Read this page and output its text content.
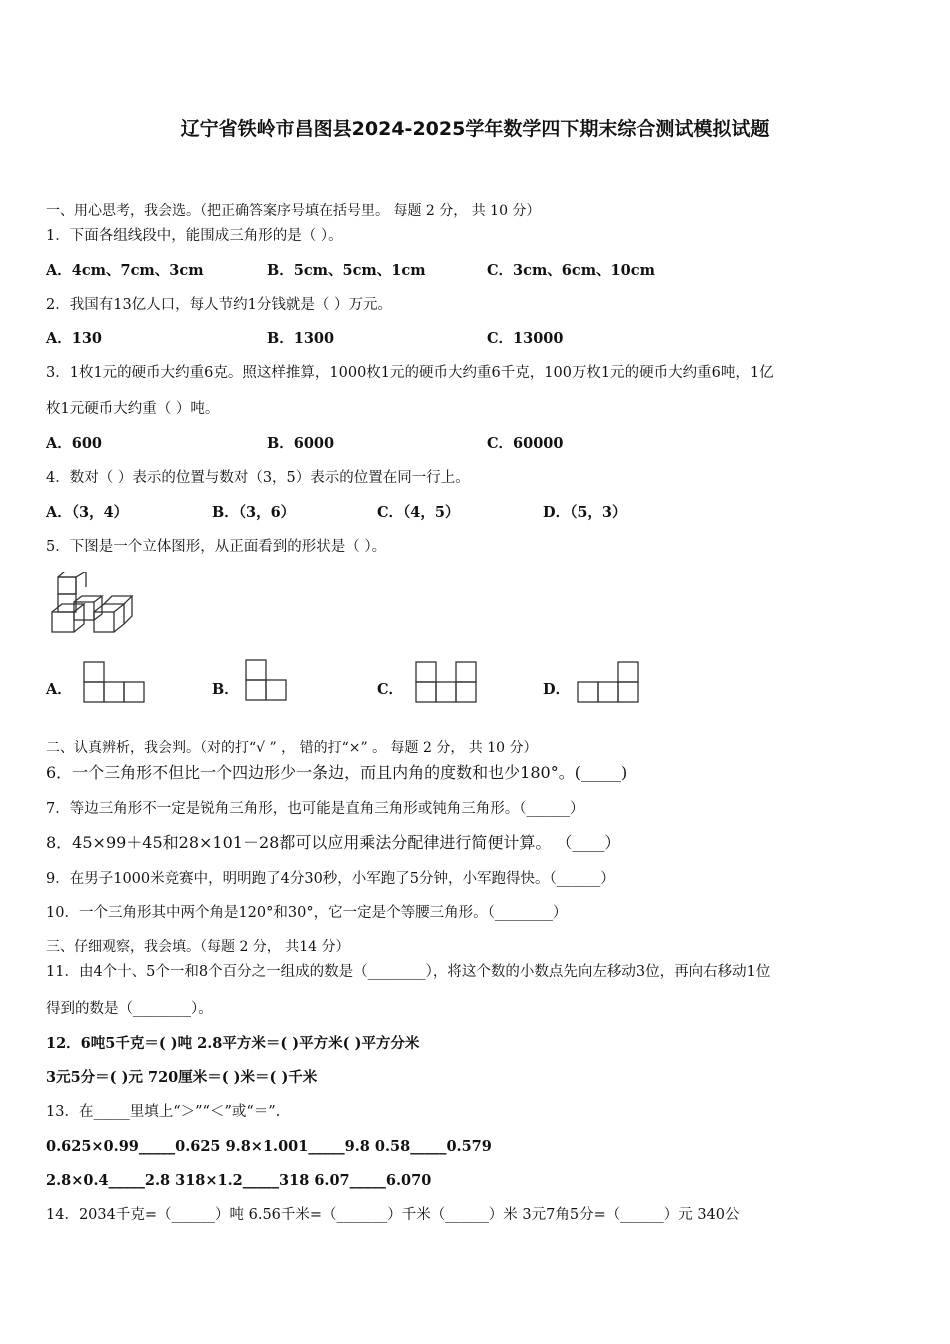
辽宁省铁岭市昌图县2024-2025学年数学四下期末综合测试模拟试题
一、用心思考，我会选。（把正确答案序号填在括号里。 每题 2 分， 共 10 分）
1．下面各组线段中，能围成三角形的是（ ）。
A．4cm、7cm、3cm	B．5cm、5cm、1cm	C．3cm、6cm、10cm
2．我国有13亿人口，每人节约1分钱就是（ ）万元。
A．130	B．1300	C．13000
3．1枚1元的硬币大约重6克。照这样推算，1000枚1元的硬币大约重6千克，100万枚1元的硬币大约重6吨，1亿
枚1元硬币大约重（ ）吨。
A．600	B．6000	C．60000
4．数对（ ）表示的位置与数对（3，5）表示的位置在同一行上。
A．（3，4）	B．（3，6）	C．（4，5）	D．（5，3）
5．下图是一个立体图形，从正面看到的形状是（ ）。
A．	B．	C．	D．
二、认真辨析，我会判。（对的打“√ ” ， 错的打“×” 。 每题 2 分， 共 10 分）
6．一个三角形不但比一个四边形少一条边，而且内角的度数和也少180°。(_____)
7．等边三角形不一定是锐角三角形，也可能是直角三角形或钝角三角形。（______）
8．45×99＋45和28×101－28都可以应用乘法分配律进行简便计算。 （____）
9．在男子1000米竞赛中，明明跑了4分30秒，小军跑了5分钟，小军跑得快。（______）
10．一个三角形其中两个角是120°和30°，它一定是个等腰三角形。（________）
三、仔细观察，我会填。（每题 2 分， 共14 分）
11．由4个十、5个一和8个百分之一组成的数是（________），将这个数的小数点先向左移动3位，再向右移动1位
得到的数是（________）。
12．6吨5千克＝( )吨 2.8平方米＝( )平方米( )平方分米
3元5分＝( )元 720厘米＝( )米＝( )千米
13．在_____里填上“＞”“＜”或“＝”.
0.625×0.99_____0.625 9.8×1.001_____9.8 0.58_____0.579
2.8×0.4_____2.8 318×1.2_____318 6.07_____6.070
14．2034千克=（______）吨 6.56千米=（_______）千米（______）米 3元7角5分=（______）元 340公
